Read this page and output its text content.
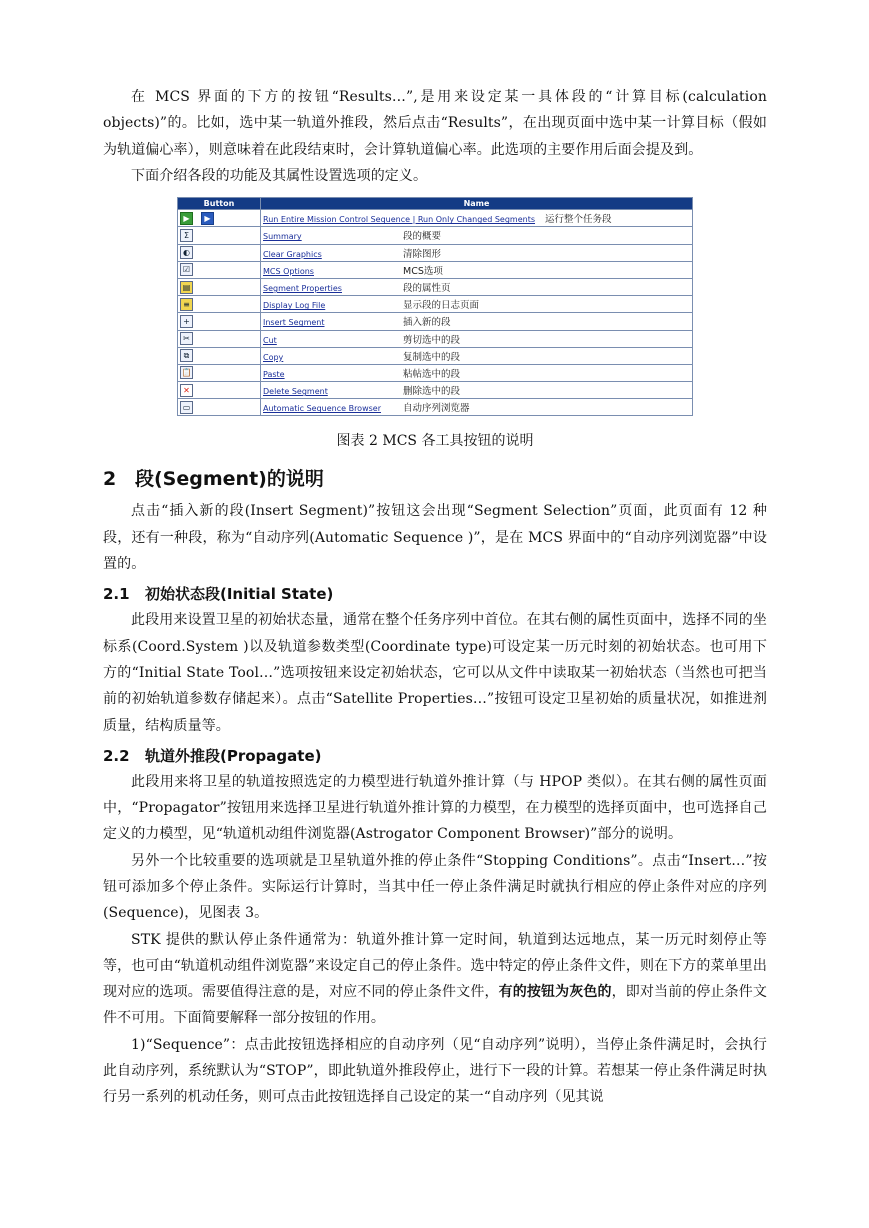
在 MCS 界面的下方的按钮“Results…”,是用来设定某一具体段的“计算目标(calculation objects)”的。比如，选中某一轨道外推段，然后点击“Results”，在出现页面中选中某一计算目标（假如为轨道偏心率），则意味着在此段结束时，会计算轨道偏心率。此选项的主要作用后面会提及到。

下面介绍各段的功能及其属性设置选项的定义。

Button	Name
▶ ▶	Run Entire Mission Control Sequence | Run Only Changed Segments 运行整个任务段
Σ	Summary 段的概要
◐	Clear Graphics 清除图形
☑	MCS Options MCS选项
▤	Segment Properties 段的属性页
≡	Display Log File 显示段的日志页面
+	Insert Segment 插入新的段
✂	Cut 剪切选中的段
⧉	Copy 复制选中的段
📋	Paste 粘帖选中的段
✕	Delete Segment 删除选中的段
▭	Automatic Sequence Browser 自动序列浏览器
图表 2 MCS 各工具按钮的说明
2 段(Segment)的说明

点击“插入新的段(Insert Segment)”按钮这会出现“Segment Selection”页面，此页面有 12 种段，还有一种段，称为“自动序列(Automatic Sequence )”，是在 MCS 界面中的“自动序列浏览器”中设置的。

2.1 初始状态段(Initial State)

此段用来设置卫星的初始状态量，通常在整个任务序列中首位。在其右侧的属性页面中，选择不同的坐标系(Coord.System )以及轨道参数类型(Coordinate type)可设定某一历元时刻的初始状态。也可用下方的“Initial State Tool…”选项按钮来设定初始状态，它可以从文件中读取某一初始状态（当然也可把当前的初始轨道参数存储起来）。点击“Satellite Properties…”按钮可设定卫星初始的质量状况，如推进剂质量，结构质量等。

2.2 轨道外推段(Propagate)

此段用来将卫星的轨道按照选定的力模型进行轨道外推计算（与 HPOP 类似）。在其右侧的属性页面中，“Propagator”按钮用来选择卫星进行轨道外推计算的力模型，在力模型的选择页面中，也可选择自己定义的力模型，见“轨道机动组件浏览器(Astrogator Component Browser)”部分的说明。

另外一个比较重要的选项就是卫星轨道外推的停止条件“Stopping Conditions”。点击“Insert…”按钮可添加多个停止条件。实际运行计算时，当其中任一停止条件满足时就执行相应的停止条件对应的序列(Sequence)，见图表 3。

STK 提供的默认停止条件通常为：轨道外推计算一定时间，轨道到达远地点，某一历元时刻停止等等，也可由“轨道机动组件浏览器”来设定自己的停止条件。选中特定的停止条件文件，则在下方的菜单里出现对应的选项。需要值得注意的是，对应不同的停止条件文件，有的按钮为灰色的，即对当前的停止条件文件不可用。下面简要解释一部分按钮的作用。

1)“Sequence”：点击此按钮选择相应的自动序列（见“自动序列”说明），当停止条件满足时，会执行此自动序列，系统默认为“STOP”，即此轨道外推段停止，进行下一段的计算。若想某一停止条件满足时执行另一系列的机动任务，则可点击此按钮选择自己设定的某一“自动序列（见其说
